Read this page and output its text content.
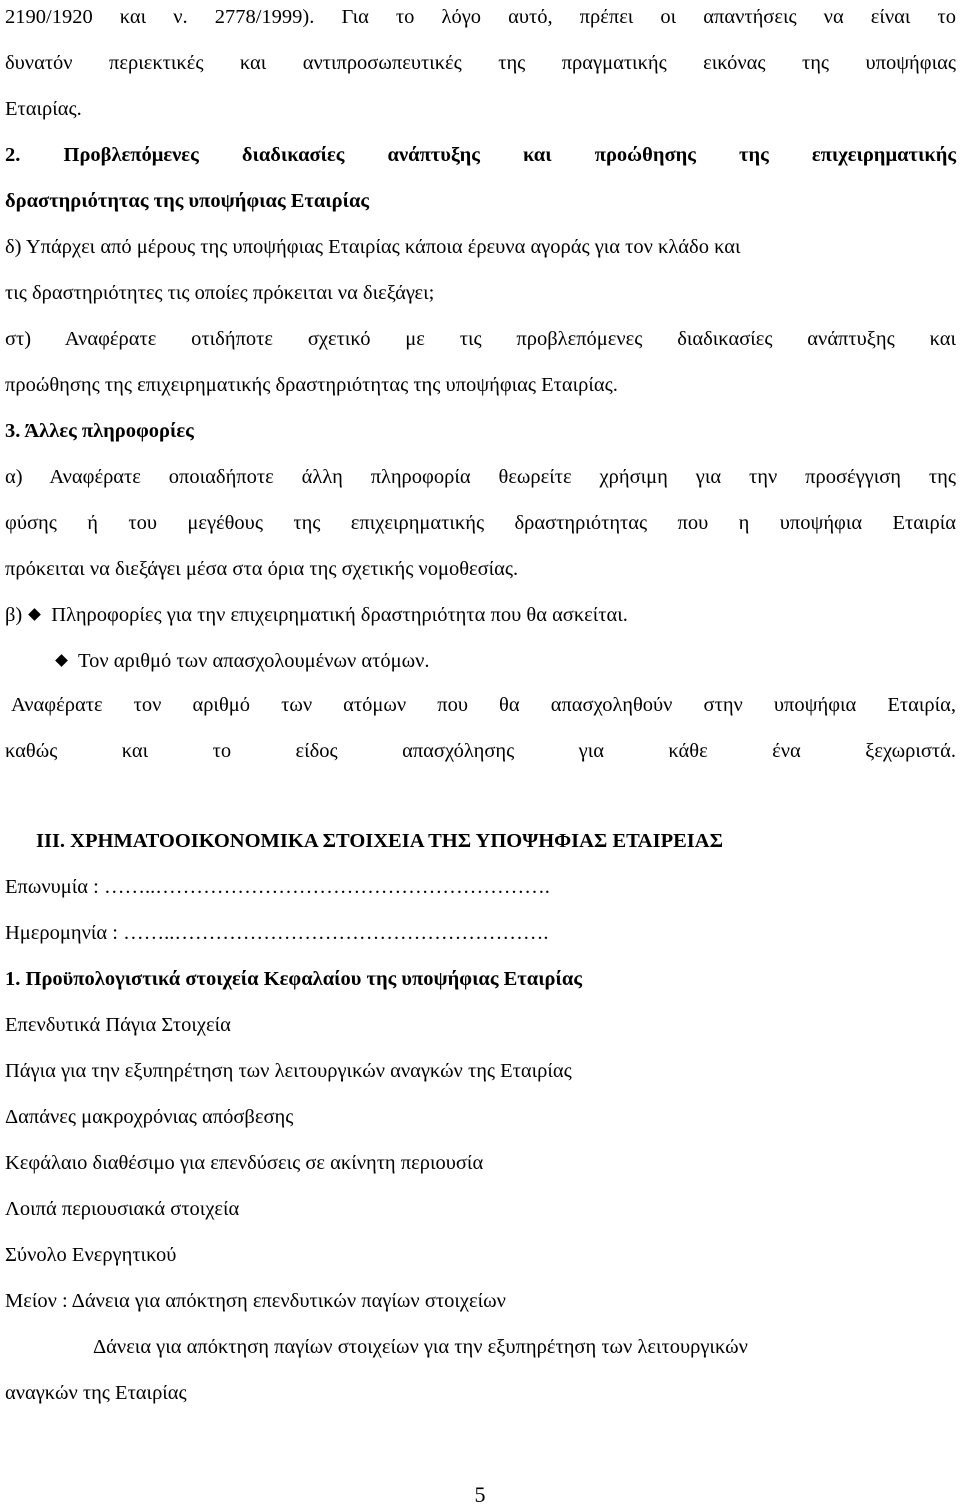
2190/1920 και ν. 2778/1999). Για το λόγο αυτό, πρέπει οι απαντήσεις να είναι το
δυνατόν περιεκτικές και αντιπροσωπευτικές της πραγματικής εικόνας της υποψήφιας
Εταιρίας.
2. Προβλεπόμενες διαδικασίες ανάπτυξης και προώθησης της επιχειρηματικής
δραστηριότητας της υποψήφιας Εταιρίας
δ) Υπάρχει από μέρους της υποψήφιας Εταιρίας κάποια έρευνα αγοράς για τον κλάδο και
τις δραστηριότητες τις οποίες πρόκειται να διεξάγει;
στ) Αναφέρατε οτιδήποτε σχετικό με τις προβλεπόμενες διαδικασίες ανάπτυξης και
προώθησης της επιχειρηματικής δραστηριότητας της υποψήφιας Εταιρίας.
3. Άλλες πληροφορίες
α) Αναφέρατε οποιαδήποτε άλλη πληροφορία θεωρείτε χρήσιμη για την προσέγγιση της
φύσης ή του μεγέθους της επιχειρηματικής δραστηριότητας που η υποψήφια Εταιρία
πρόκειται να διεξάγει μέσα στα όρια της σχετικής νομοθεσίας.
β) Πληροφορίες για την επιχειρηματική δραστηριότητα που θα ασκείται.
Τον αριθμό των απασχολουμένων ατόμων.
Αναφέρατε τον αριθμό των ατόμων που θα απασχοληθούν στην υποψήφια Εταιρία,
καθώς και το είδος απασχόλησης για κάθε ένα ξεχωριστά.
ΙΙΙ. ΧΡΗΜΑΤΟΟΙΚΟΝΟΜΙΚΑ ΣΤΟΙΧΕΙΑ ΤΗΣ ΥΠΟΨΗΦΙΑΣ ΕΤΑΙΡΕΙΑΣ
Επωνυμία : ……..………………………………………………….
Ημερομηνία : ……..……………………………………………….
1. Προϋπολογιστικά στοιχεία Κεφαλαίου της υποψήφιας Εταιρίας
Επενδυτικά Πάγια Στοιχεία
Πάγια για την εξυπηρέτηση των λειτουργικών αναγκών της Εταιρίας
Δαπάνες μακροχρόνιας απόσβεσης
Κεφάλαιο διαθέσιμο για επενδύσεις σε ακίνητη περιουσία
Λοιπά περιουσιακά στοιχεία
Σύνολο Ενεργητικού
Μείον : Δάνεια για απόκτηση επενδυτικών παγίων στοιχείων
Δάνεια για απόκτηση παγίων στοιχείων για την εξυπηρέτηση των λειτουργικών
αναγκών της Εταιρίας
5
